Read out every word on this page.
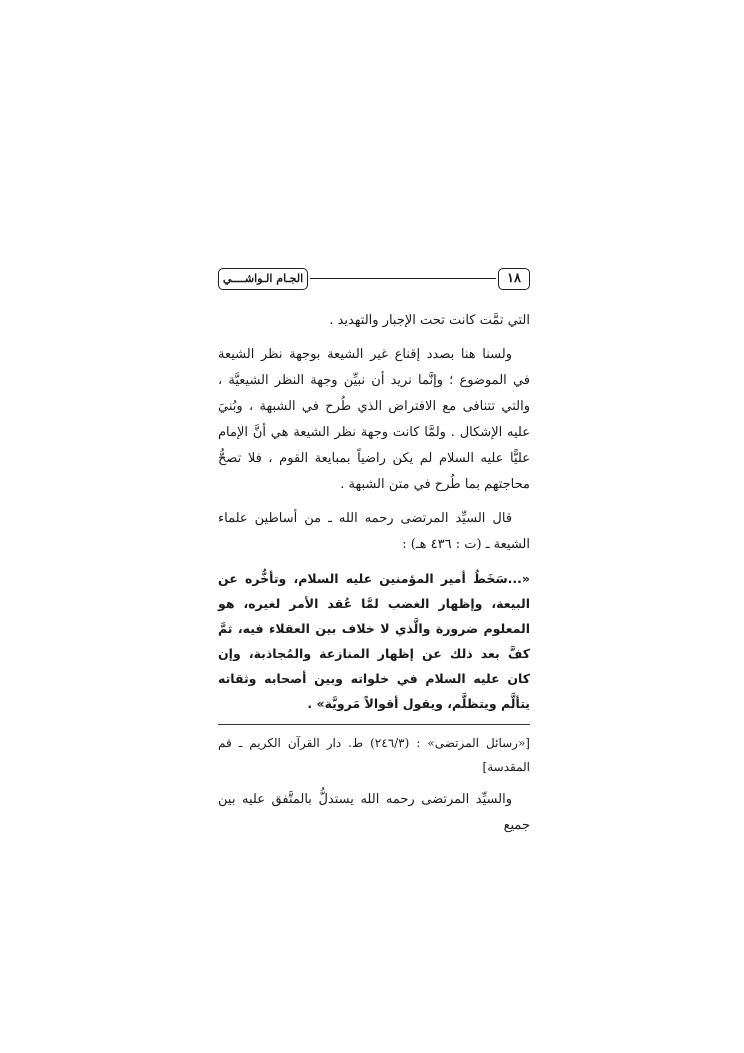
١٨
الجـام الـواشــــي

التي تمَّت كانت تحت الإجبار والتهديد .

ولسنا هنا بصدد إقناع غير الشيعة بوجهة نظر الشيعة في الموضوع ؛ وإنَّما نريد أن نبيِّن وجهة النظر الشيعيَّة ، والتي تتنافى مع الافتراض الذي طُرح في الشبهة ، وبُنيَ عليه الإشكال . ولمَّا كانت وجهة نظر الشيعة هي أنَّ الإمام عليًّا عليه السلام لم يكن راضياً بمبايعة القوم ، فلا تصحُّ محاجتهم بما طُرح في متن الشبهة .

قال السيِّد المرتضى رحمه الله ـ من أساطين علماء الشيعة ـ (ت : ٤٣٦ هـ) :

«...سَخَطُ أمير المؤمنين عليه السلام، وتأخُّره عن البيعة، وإظهار الغضب لمَّا عُقد الأمر لغيره، هو المعلوم ضرورة والَّذي لا خلاف بين العقلاء فيه، ثمَّ كفَّ بعد ذلك عن إظهار المنازعة والمُجاذبة، وإن كان عليه السلام في خلواته وبين أصحابه وثقاته يتألَّم ويتظلَّم، ويقول أقوالاً مَرويَّة» .

[«رسائل المرتضى» : (٢٤٦/٣) ط. دار القرآن الكريم ـ قم المقدسة]

والسيِّد المرتضى رحمه الله يستدلُّ بالمتَّفق عليه بين جميع
